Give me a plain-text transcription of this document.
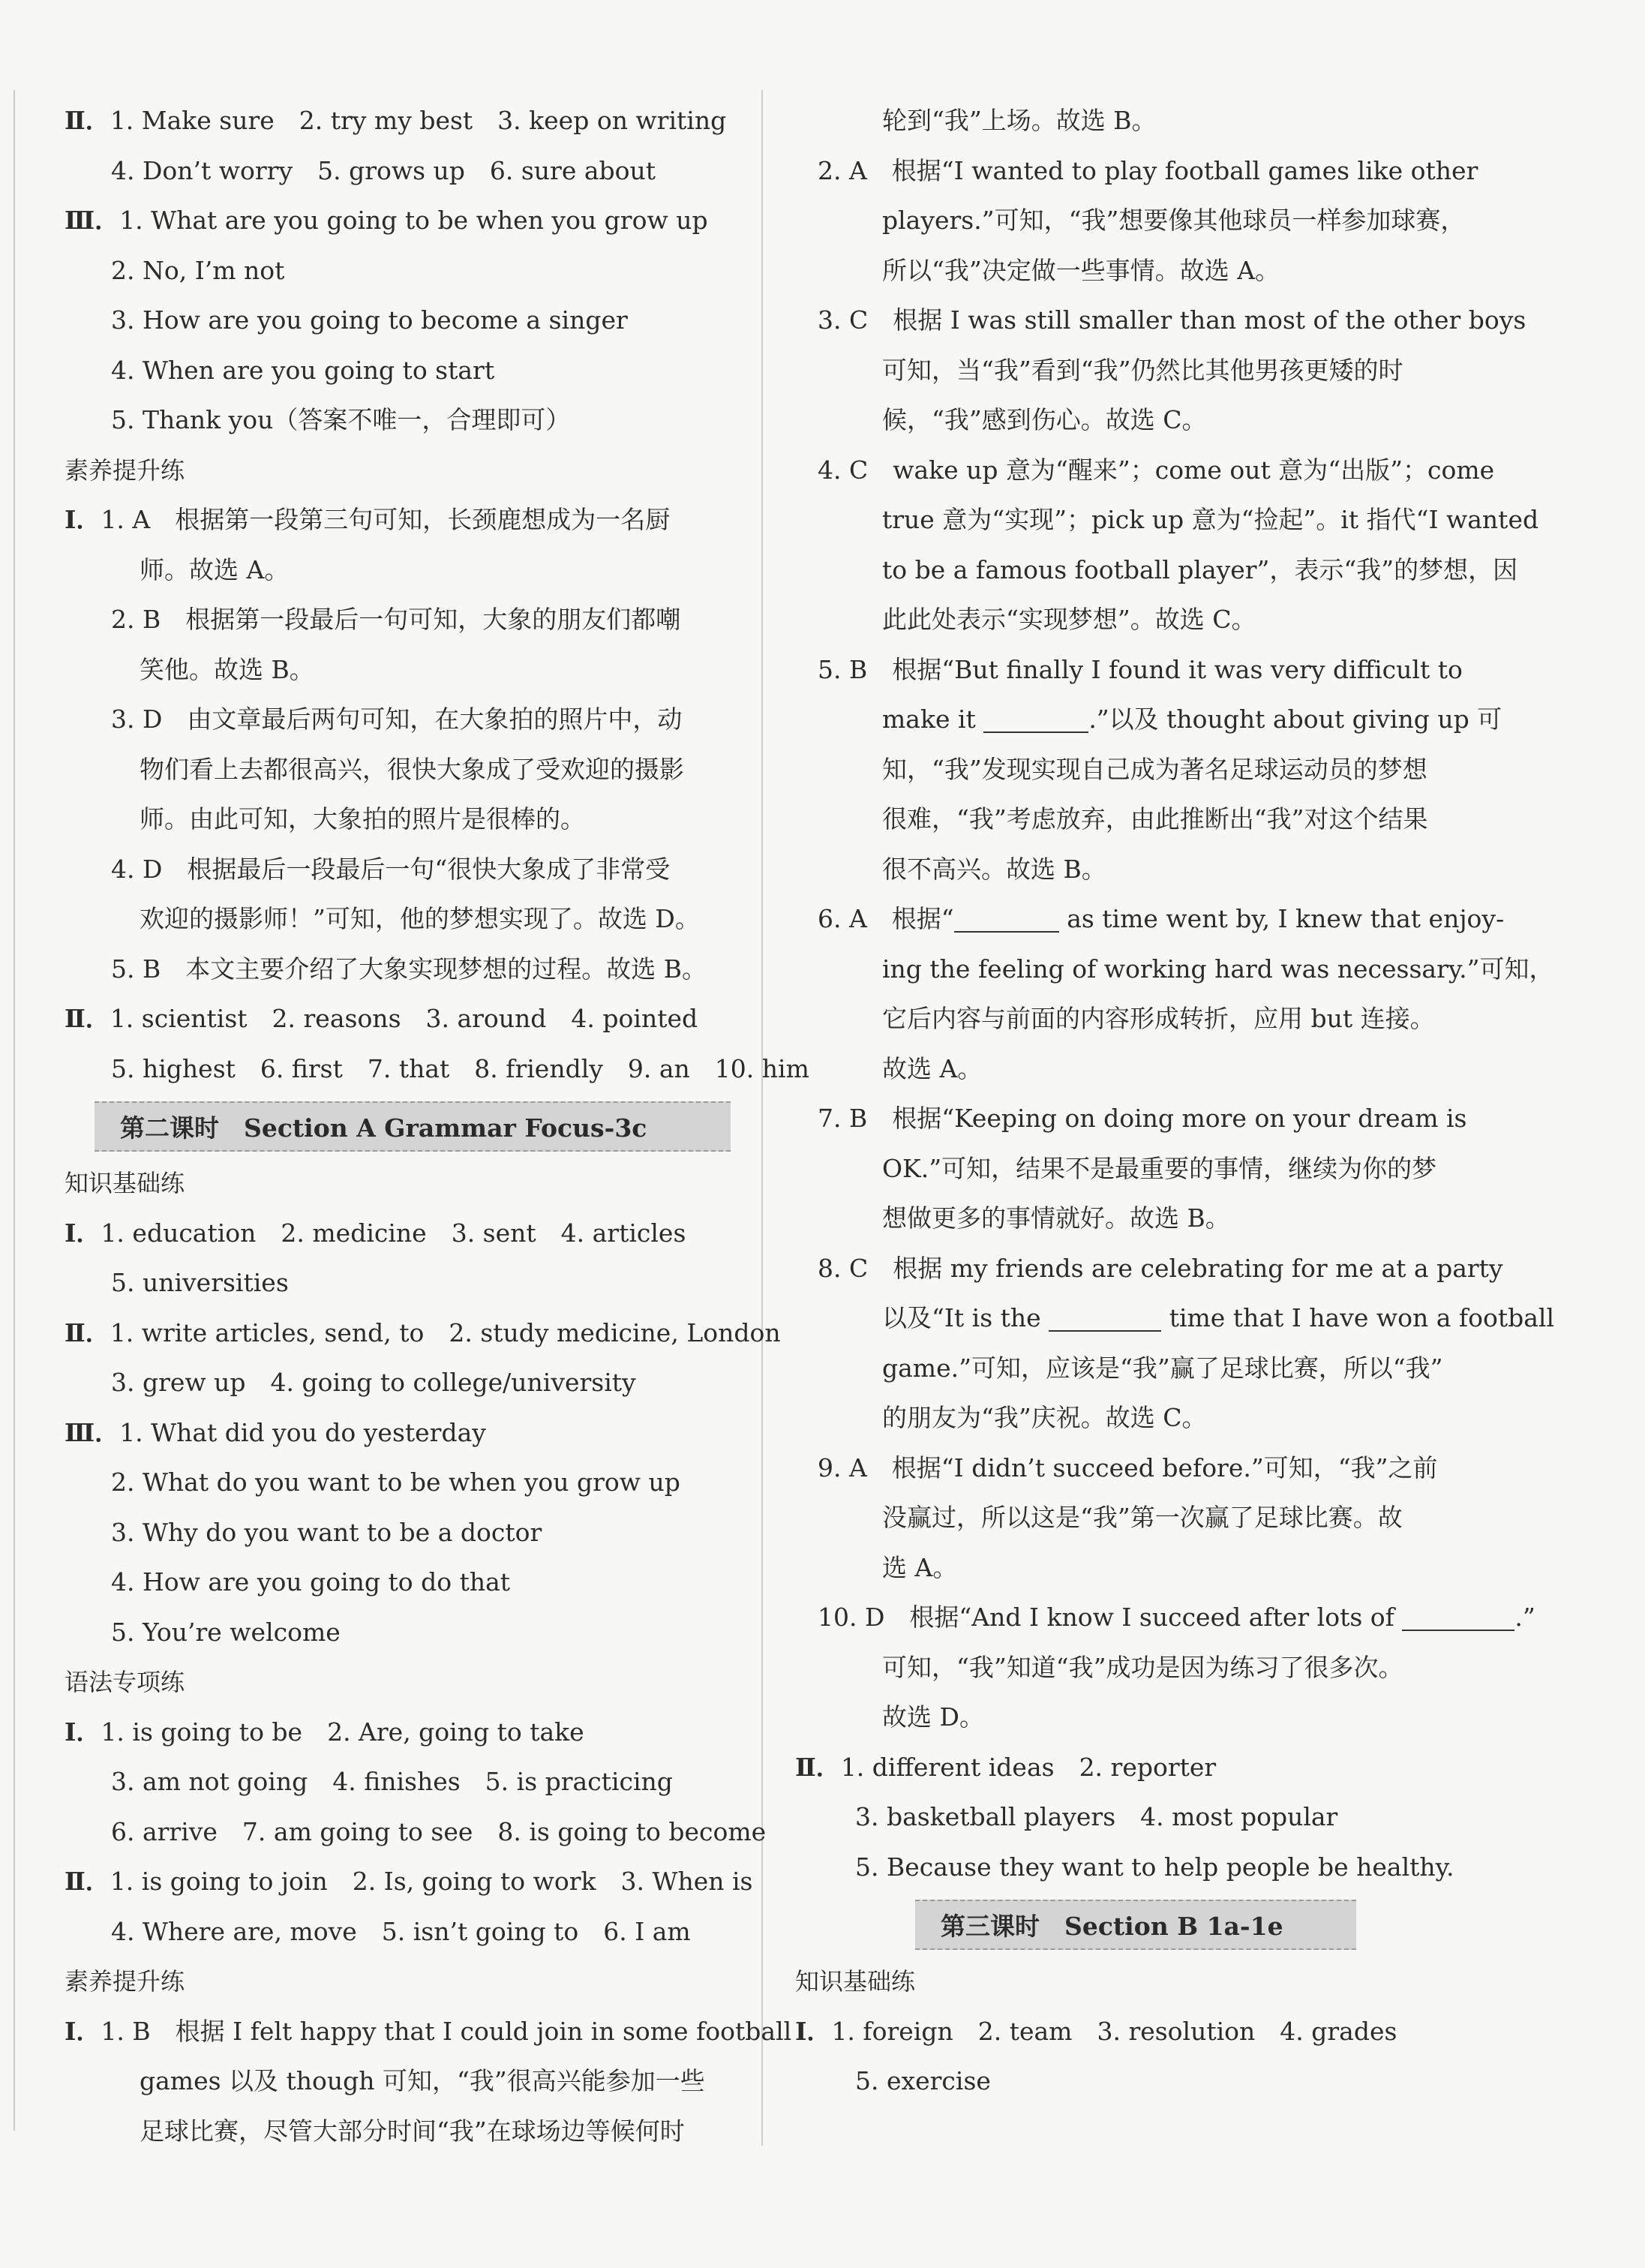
Ⅱ．1. Make sure　2. try my best　3. keep on writing
4. Don’t worry　5. grows up　6. sure about
Ⅲ．1. What are you going to be when you grow up
2. No, I’m not
3. How are you going to become a singer
4. When are you going to start
5. Thank you（答案不唯一，合理即可）
素养提升练
Ⅰ．1. A　根据第一段第三句可知，长颈鹿想成为一名厨
师。故选 A。
2. B　根据第一段最后一句可知，大象的朋友们都嘲
笑他。故选 B。
3. D　由文章最后两句可知，在大象拍的照片中，动
物们看上去都很高兴，很快大象成了受欢迎的摄影
师。由此可知，大象拍的照片是很棒的。
4. D　根据最后一段最后一句“很快大象成了非常受
欢迎的摄影师！”可知，他的梦想实现了。故选 D。
5. B　本文主要介绍了大象实现梦想的过程。故选 B。
Ⅱ．1. scientist　2. reasons　3. around　4. pointed
5. highest　6. first　7. that　8. friendly　9. an　10. him
第二课时　Section A Grammar Focus-3c
知识基础练
Ⅰ．1. education　2. medicine　3. sent　4. articles
5. universities
Ⅱ．1. write articles, send, to　2. study medicine, London
3. grew up　4. going to college/university
Ⅲ．1. What did you do yesterday
2. What do you want to be when you grow up
3. Why do you want to be a doctor
4. How are you going to do that
5. You’re welcome
语法专项练
Ⅰ．1. is going to be　2. Are, going to take
3. am not going　4. finishes　5. is practicing
6. arrive　7. am going to see　8. is going to become
Ⅱ．1. is going to join　2. Is, going to work　3. When is
4. Where are, move　5. isn’t going to　6. I am
素养提升练
Ⅰ．1. B　根据 I felt happy that I could join in some football
games 以及 though 可知，“我”很高兴能参加一些
足球比赛，尽管大部分时间“我”在球场边等候何时
轮到“我”上场。故选 B。
2. A　根据“I wanted to play football games like other
players.”可知，“我”想要像其他球员一样参加球赛，
所以“我”决定做一些事情。故选 A。
3. C　根据 I was still smaller than most of the other boys
可知，当“我”看到“我”仍然比其他男孩更矮的时
候，“我”感到伤心。故选 C。
4. C　wake up 意为“醒来”；come out 意为“出版”；come
true 意为“实现”；pick up 意为“捡起”。it 指代“I wanted
to be a famous football player”，表示“我”的梦想，因
此此处表示“实现梦想”。故选 C。
5. B　根据“But finally I found it was very difficult to
make it	.”以及 thought about giving up 可
知，“我”发现实现自己成为著名足球运动员的梦想
很难，“我”考虑放弃，由此推断出“我”对这个结果
很不高兴。故选 B。
6. A　根据“	as time went by, I knew that enjoy-
ing the feeling of working hard was necessary.”可知，
它后内容与前面的内容形成转折，应用 but 连接。
故选 A。
7. B　根据“Keeping on doing more on your dream is
OK.”可知，结果不是最重要的事情，继续为你的梦
想做更多的事情就好。故选 B。
8. C　根据 my friends are celebrating for me at a party
以及“It is the	time that I have won a football
game.”可知，应该是“我”赢了足球比赛，所以“我”
的朋友为“我”庆祝。故选 C。
9. A　根据“I didn’t succeed before.”可知，“我”之前
没赢过，所以这是“我”第一次赢了足球比赛。故
选 A。
10. D　根据“And I know I succeed after lots of	.”
可知，“我”知道“我”成功是因为练习了很多次。
故选 D。
Ⅱ．1. different ideas　2. reporter
3. basketball players　4. most popular
5. Because they want to help people be healthy.
第三课时　Section B 1a-1e
知识基础练
Ⅰ．1. foreign　2. team　3. resolution　4. grades
5. exercise
